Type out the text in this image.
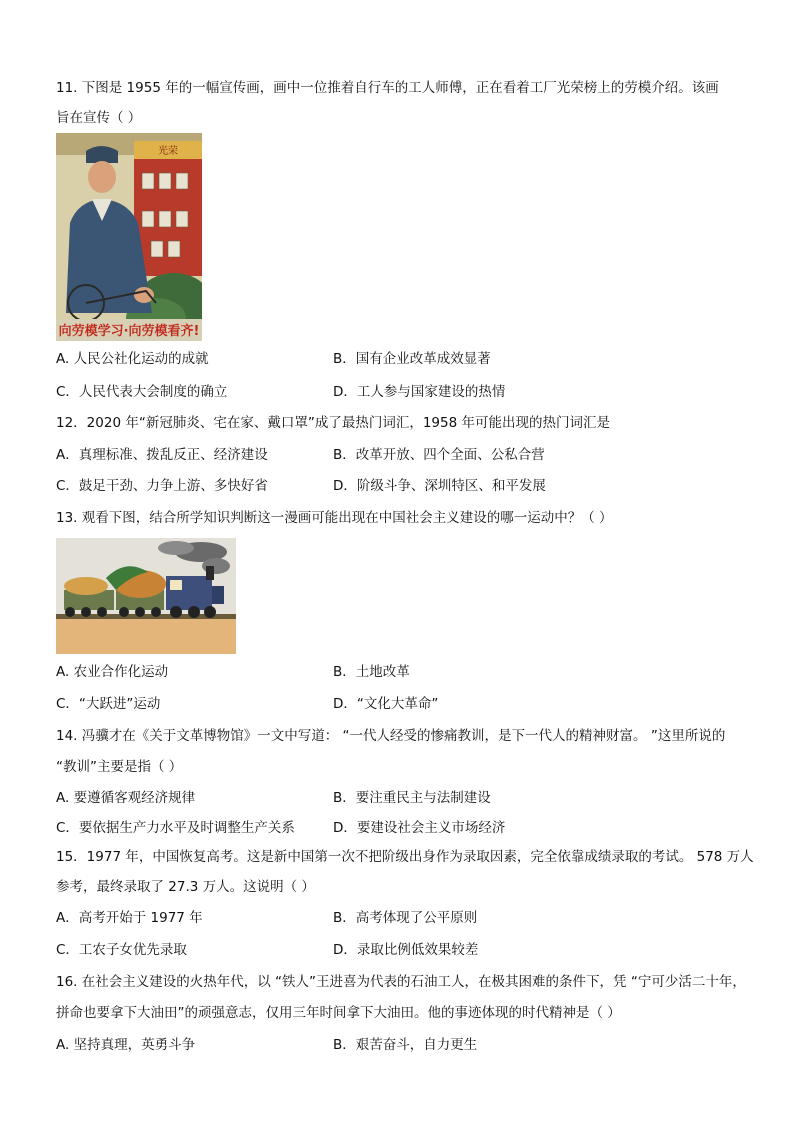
11. 下图是 1955 年的一幅宣传画，画中一位推着自行车的工人师傅，正在看着工厂光荣榜上的劳模介绍。该画
旨在宣传（ ）
光荣
向劳模学习·向劳模看齐!
A. 人民公社化运动的成就	B．国有企业改革成效显著
C．人民代表大会制度的确立	D．工人参与国家建设的热情
12．2020 年“新冠肺炎、宅在家、戴口罩”成了最热门词汇，1958 年可能出现的热门词汇是
A．真理标准、拨乱反正、经济建设	B．改革开放、四个全面、公私合营
C．鼓足干劲、力争上游、多快好省	D．阶级斗争、深圳特区、和平发展
13. 观看下图，结合所学知识判断这一漫画可能出现在中国社会主义建设的哪一运动中？（ ）
A. 农业合作化运动	B．土地改革
C．“大跃进”运动	D．“文化大革命”
14. 冯骥才在《关于文革博物馆》一文中写道： “一代人经受的惨痛教训，是下一代人的精神财富。 ”这里所说的
“教训”主要是指（ ）
A. 要遵循客观经济规律	B．要注重民主与法制建设
C．要依据生产力水平及时调整生产关系	D．要建设社会主义市场经济
15．1977 年，中国恢复高考。这是新中国第一次不把阶级出身作为录取因素，完全依靠成绩录取的考试。 578 万人
参考，最终录取了 27.3 万人。这说明（ ）
A．高考开始于 1977 年	B．高考体现了公平原则
C．工农子女优先录取	D．录取比例低效果较差
16. 在社会主义建设的火热年代，以 “铁人”王进喜为代表的石油工人，在极其困难的条件下，凭 “宁可少活二十年，
拼命也要拿下大油田”的顽强意志，仅用三年时间拿下大油田。他的事迹体现的时代精神是（ ）
A. 坚持真理，英勇斗争	B．艰苦奋斗，自力更生
